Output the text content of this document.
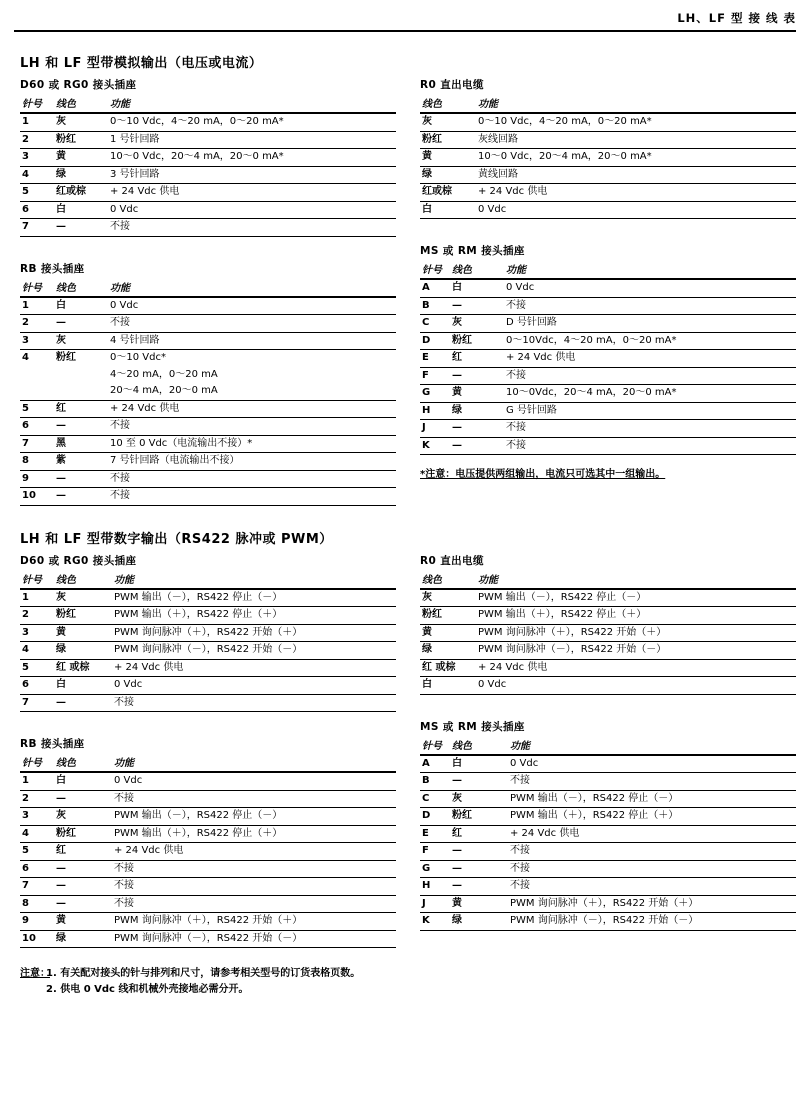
LH、LF 型 接 线 表
LH 和 LF 型带模拟输出（电压或电流）
D60 或 RG0 接头插座
针号	线色	功能
1	灰	0～10 Vdc，4～20 mA，0～20 mA*
2	粉红	1 号针回路
3	黄	10～0 Vdc，20～4 mA，20～0 mA*
4	绿	3 号针回路
5	红或棕	+ 24 Vdc 供电
6	白	0 Vdc
7	—	不接
RB 接头插座
针号	线色	功能
1	白	0 Vdc
2	—	不接
3	灰	4 号针回路
4	粉红	0～10 Vdc*
		4～20 mA，0～20 mA
		20～4 mA，20～0 mA
5	红	+ 24 Vdc 供电
6	—	不接
7	黑	10 至 0 Vdc（电流输出不接）*
8	紫	7 号针回路（电流输出不接）
9	—	不接
10	—	不接
R0 直出电缆
线色	功能
灰	0～10 Vdc，4～20 mA，0～20 mA*
粉红	灰线回路
黄	10～0 Vdc，20～4 mA，20～0 mA*
绿	黄线回路
红或棕	+ 24 Vdc 供电
白	0 Vdc
MS 或 RM 接头插座
针号	线色	功能
A	白	0 Vdc
B	—	不接
C	灰	D 号针回路
D	粉红	0～10Vdc，4～20 mA，0～20 mA*
E	红	+ 24 Vdc 供电
F	—	不接
G	黄	10～0Vdc，20～4 mA，20～0 mA*
H	绿	G 号针回路
J	—	不接
K	—	不接
*注意：电压提供两组输出，电流只可选其中一组输出。
LH 和 LF 型带数字输出（RS422 脉冲或 PWM）
D60 或 RG0 接头插座
针号	线色	功能
1	灰	PWM 输出（－），RS422 停止（－）
2	粉红	PWM 输出（＋），RS422 停止（＋）
3	黄	PWM 询问脉冲（＋），RS422 开始（＋）
4	绿	PWM 询问脉冲（－），RS422 开始（－）
5	红 或棕	+ 24 Vdc 供电
6	白	0 Vdc
7	—	不接
RB 接头插座
针号	线色	功能
1	白	0 Vdc
2	—	不接
3	灰	PWM 输出（－），RS422 停止（－）
4	粉红	PWM 输出（＋），RS422 停止（＋）
5	红	+ 24 Vdc 供电
6	—	不接
7	—	不接
8	—	不接
9	黄	PWM 询问脉冲（＋），RS422 开始（＋）
10	绿	PWM 询问脉冲（－），RS422 开始（－）
R0 直出电缆
线色	功能
灰	PWM 输出（－），RS422 停止（－）
粉红	PWM 输出（＋），RS422 停止（＋）
黄	PWM 询问脉冲（＋），RS422 开始（＋）
绿	PWM 询问脉冲（－），RS422 开始（－）
红 或棕	+ 24 Vdc 供电
白	0 Vdc
MS 或 RM 接头插座
针号	线色	功能
A	白	0 Vdc
B	—	不接
C	灰	PWM 输出（－），RS422 停止（－）
D	粉红	PWM 输出（＋），RS422 停止（＋）
E	红	+ 24 Vdc 供电
F	—	不接
G	—	不接
H	—	不接
J	黄	PWM 询问脉冲（＋），RS422 开始（＋）
K	绿	PWM 询问脉冲（－），RS422 开始（－）
注意：
1. 有关配对接头的针与排列和尺寸，请参考相关型号的订货表格页数。
2. 供电 0 Vdc 线和机械外壳接地必需分开。
